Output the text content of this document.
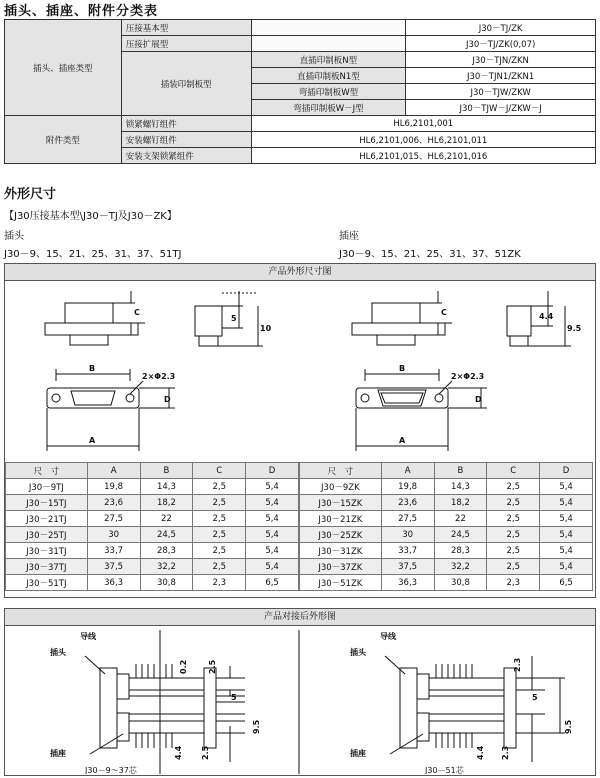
插头、插座、附件分类表
插头、插座类型	压接基本型		J30－TJ/ZK
	压接扩展型		J30－TJ/ZK(0,07)
	插装印制板型	直插印制板N型	J30－TJN/ZKN
		直插印制板N1型	J30－TJN1/ZKN1
		弯插印制板W型	J30－TJW/ZKW
		弯插印制板W－J型	J30－TJW－J/ZKW－J
附件类型	锁紧螺钉组件	HL6,2101,001	
	安装螺钉组件	HL6,2101,006、HL6,2101,011	
	安装支架锁紧组件	HL6,2101,015、HL6,2101,016	
外形尺寸
【J30压接基本型\J30－TJ及J30－ZK】
插头
J30－9、15、21、25、31、37、51TJ
插座
J30－9、15、21、25、31、37、51ZK
产品外形尺寸图
C
5
10
B
2×Φ2.3
D
A
C	4.4
9.5
B
2×Φ2.3
D
A
尺　寸	A	B	C	D
J30－9TJ	19,8	14,3	2,5	5,4
J30－15TJ	23,6	18,2	2,5	5,4
J30－21TJ	27,5	22	2,5	5,4
J30－25TJ	30	24,5	2,5	5,4
J30－31TJ	33,7	28,3	2,5	5,4
J30－37TJ	37,5	32,2	2,5	5,4
J30－51TJ	36,3	30,8	2,3	6,5
尺　寸	A	B	C	D
J30－9ZK	19,8	14,3	2,5	5,4
J30－15ZK	23,6	18,2	2,5	5,4
J30－21ZK	27,5	22	2,5	5,4
J30－25ZK	30	24,5	2,5	5,4
J30－31ZK	33,7	28,3	2,5	5,4
J30－37ZK	37,5	32,2	2,5	5,4
J30－51ZK	36,3	30,8	2,3	6,5
产品对接后外形图
导线
插头
插座
0.2	2.5
5
9.5
4.4 2.5
导线
插头
插座
2.3
5
9.5
4.4 2.3
J30－9～37芯	J30－51芯
